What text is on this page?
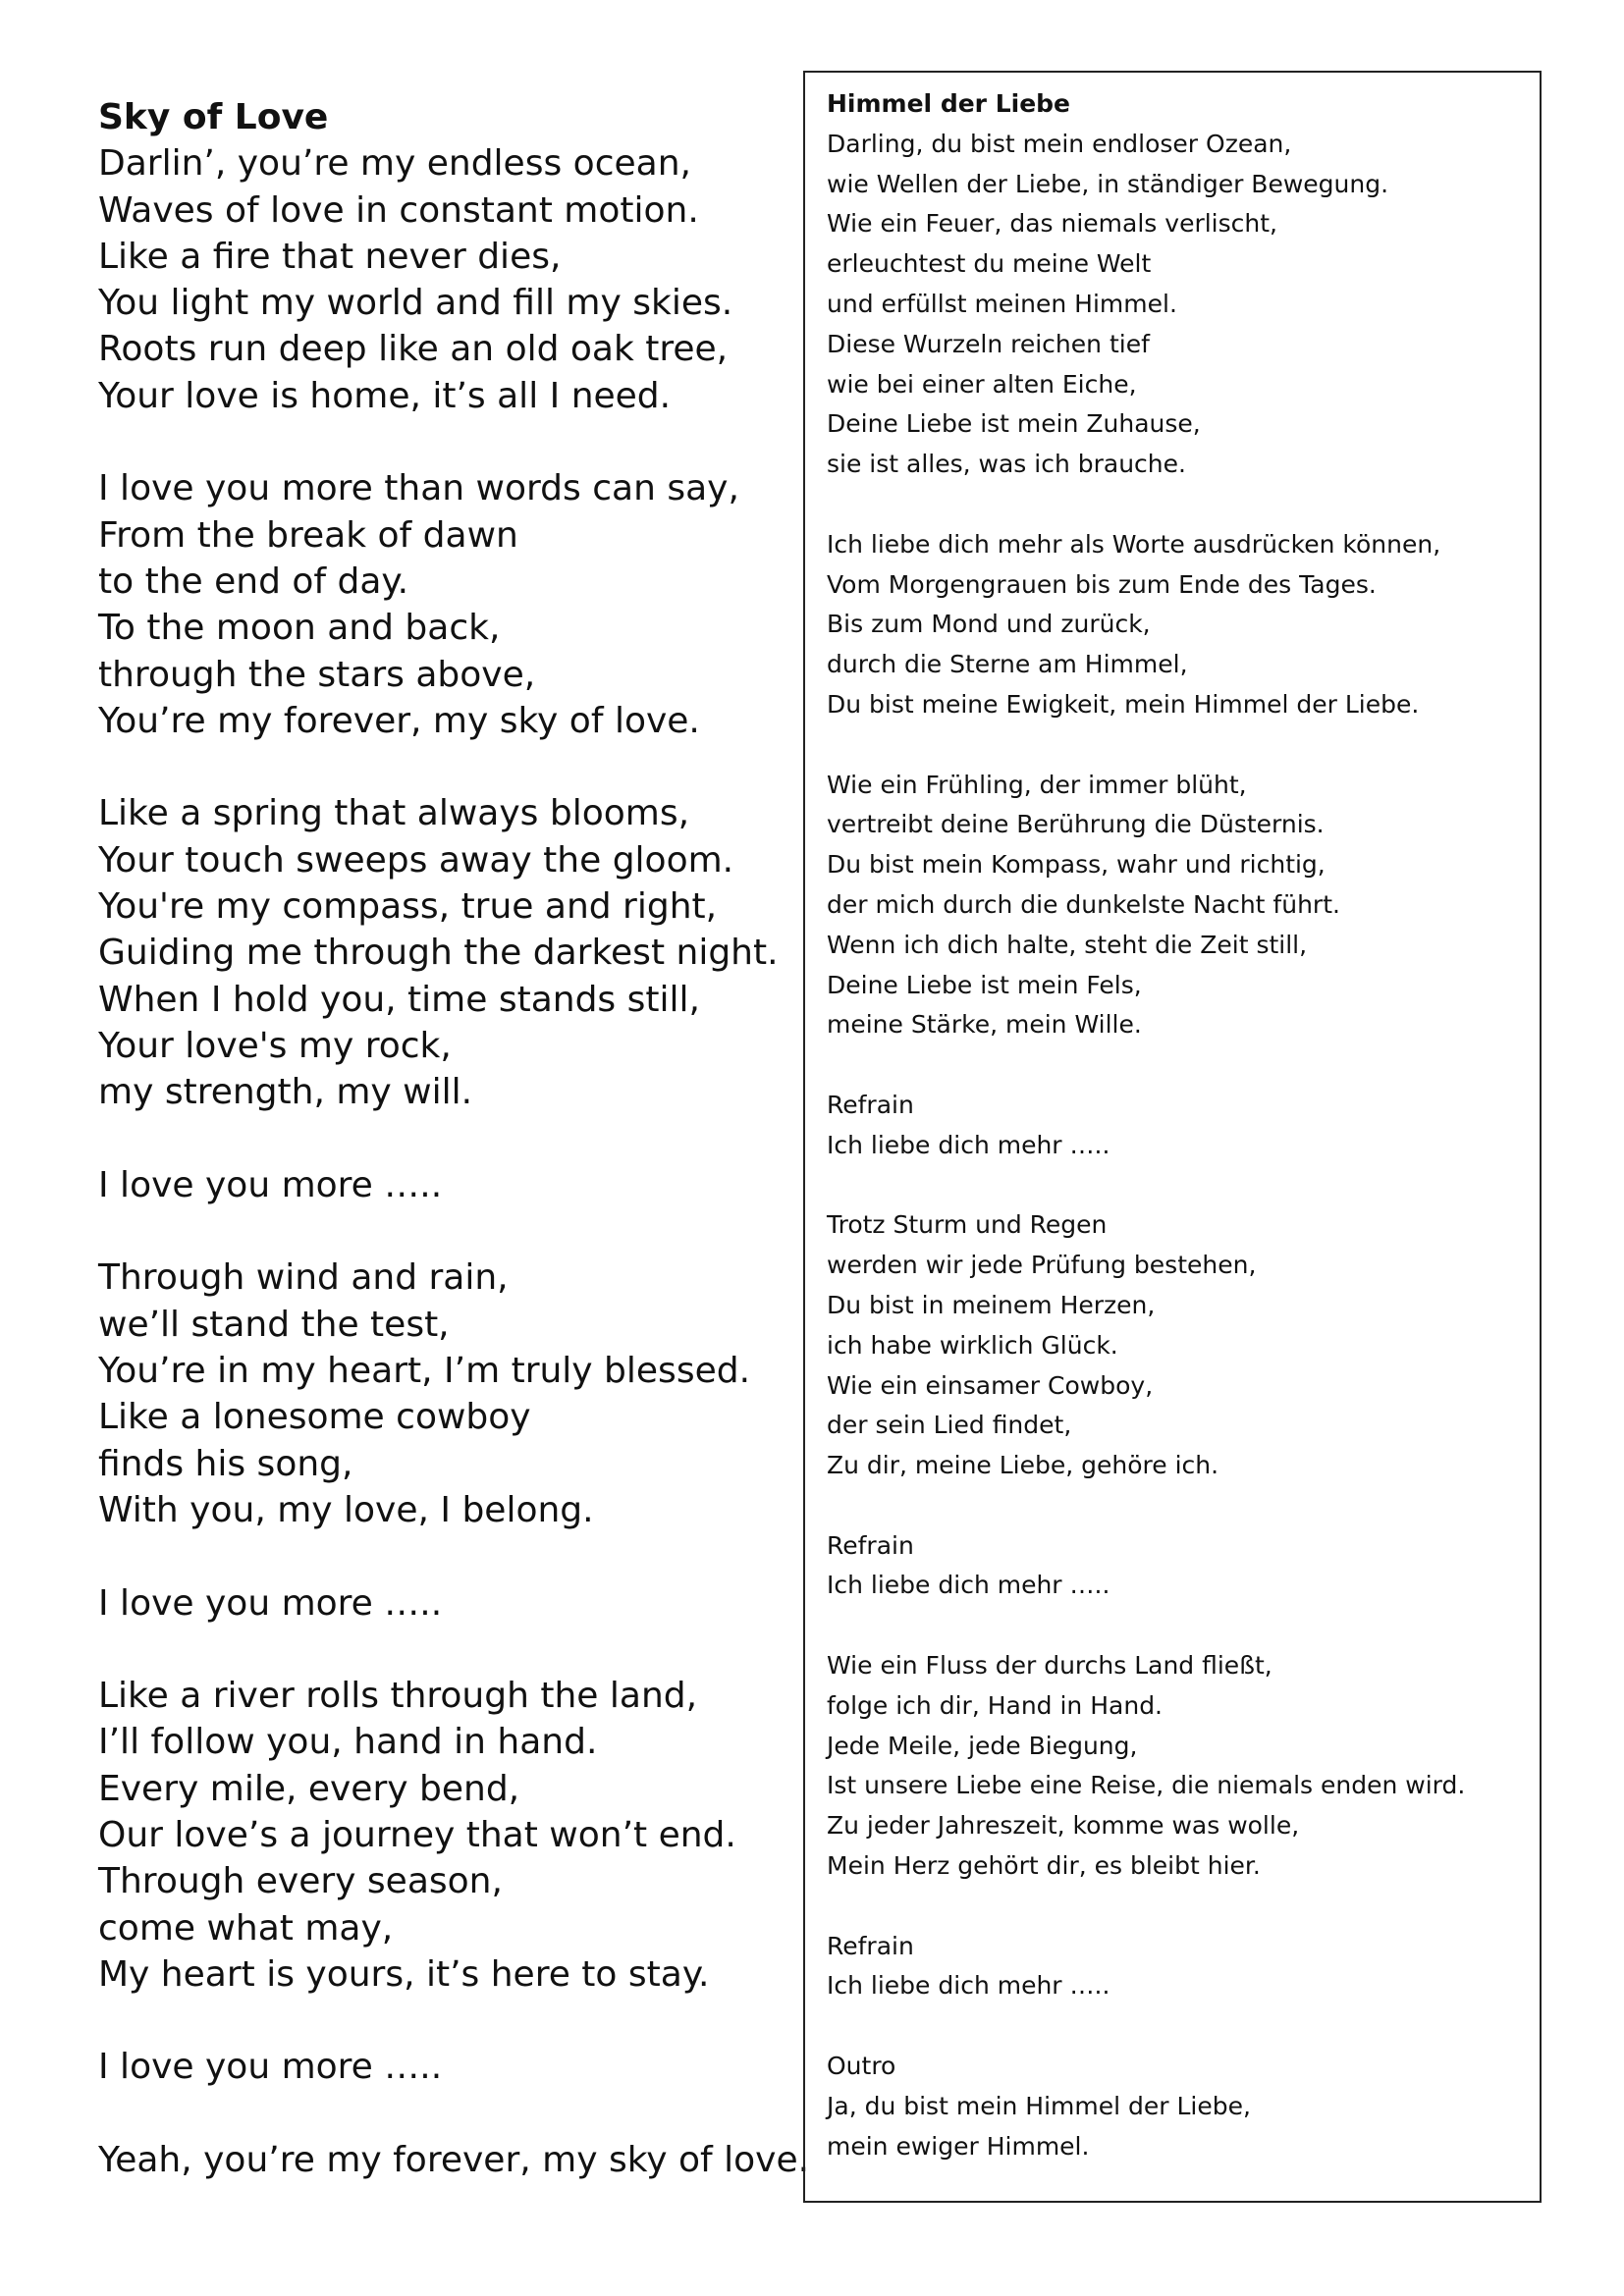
Sky of Love

Darlin’, you’re my endless ocean,

Waves of love in constant motion.

Like a fire that never dies,

You light my world and fill my skies.

Roots run deep like an old oak tree,

Your love is home, it’s all I need.

I love you more than words can say,

From the break of dawn

to the end of day.

To the moon and back,

through the stars above,

You’re my forever, my sky of love.

Like a spring that always blooms,

Your touch sweeps away the gloom.

You're my compass, true and right,

Guiding me through the darkest night.

When I hold you, time stands still,

Your love's my rock,

my strength, my will.

I love you more …..

Through wind and rain,

we’ll stand the test,

You’re in my heart, I’m truly blessed.

Like a lonesome cowboy

finds his song,

With you, my love, I belong.

I love you more …..

Like a river rolls through the land,

I’ll follow you, hand in hand.

Every mile, every bend,

Our love’s a journey that won’t end.

Through every season,

come what may,

My heart is yours, it’s here to stay.

I love you more …..

Yeah, you’re my forever, my sky of love.

Himmel der Liebe

Darling, du bist mein endloser Ozean,

wie Wellen der Liebe, in ständiger Bewegung.

Wie ein Feuer, das niemals verlischt,

erleuchtest du meine Welt

und erfüllst meinen Himmel.

Diese Wurzeln reichen tief

wie bei einer alten Eiche,

Deine Liebe ist mein Zuhause,

sie ist alles, was ich brauche.

Ich liebe dich mehr als Worte ausdrücken können,

Vom Morgengrauen bis zum Ende des Tages.

Bis zum Mond und zurück,

durch die Sterne am Himmel,

Du bist meine Ewigkeit, mein Himmel der Liebe.

Wie ein Frühling, der immer blüht,

vertreibt deine Berührung die Düsternis.

Du bist mein Kompass, wahr und richtig,

der mich durch die dunkelste Nacht führt.

Wenn ich dich halte, steht die Zeit still,

Deine Liebe ist mein Fels,

meine Stärke, mein Wille.

Refrain

Ich liebe dich mehr …..

Trotz Sturm und Regen

werden wir jede Prüfung bestehen,

Du bist in meinem Herzen,

ich habe wirklich Glück.

Wie ein einsamer Cowboy,

der sein Lied findet,

Zu dir, meine Liebe, gehöre ich.

Refrain

Ich liebe dich mehr …..

Wie ein Fluss der durchs Land fließt,

folge ich dir, Hand in Hand.

Jede Meile, jede Biegung,

Ist unsere Liebe eine Reise, die niemals enden wird.

Zu jeder Jahreszeit, komme was wolle,

Mein Herz gehört dir, es bleibt hier.

Refrain

Ich liebe dich mehr …..

Outro

Ja, du bist mein Himmel der Liebe,

mein ewiger Himmel.
